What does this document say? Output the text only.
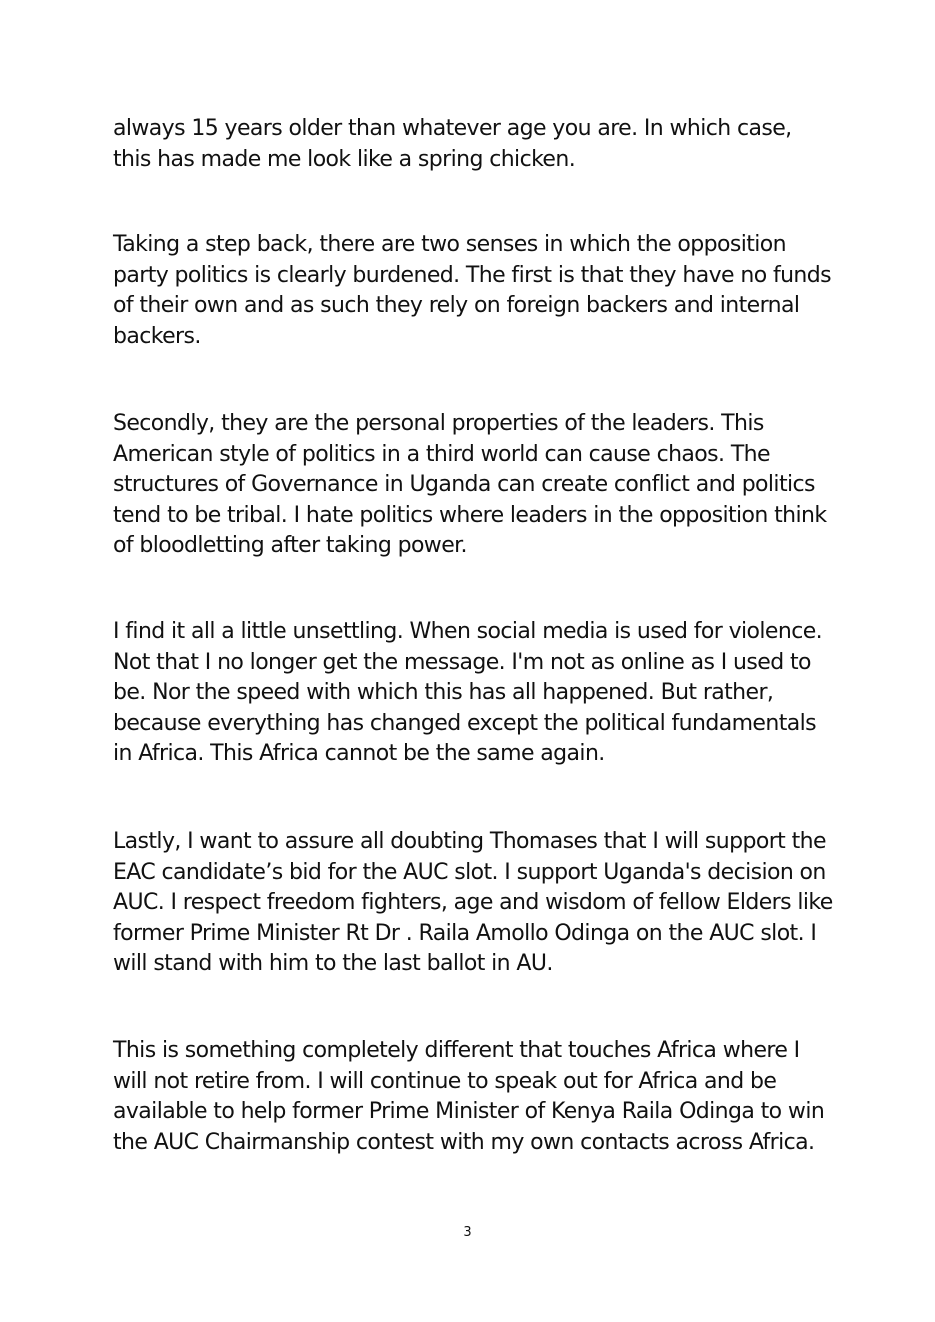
always 15 years older than whatever age you are. In which case, this has made me look like a spring chicken.

Taking a step back, there are two senses in which the opposition party politics is clearly burdened. The first is that they have no funds of their own and as such they rely on foreign backers and internal backers.

Secondly, they are the personal properties of the leaders. This American style of politics in a third world can cause chaos. The structures of Governance in Uganda can create conflict and politics tend to be tribal. I hate politics where leaders in the opposition think of bloodletting after taking power.

I find it all a little unsettling. When social media is used for violence. Not that I no longer get the message. I'm not as online as I used to be. Nor the speed with which this has all happened. But rather, because everything has changed except the political fundamentals in Africa. This Africa cannot be the same again.

Lastly, I want to assure all doubting Thomases that I will support the EAC candidate’s bid for the AUC slot. I support Uganda's decision on AUC. I respect freedom fighters, age and wisdom of fellow Elders like former Prime Minister Rt Dr . Raila Amollo Odinga on the AUC slot. I will stand with him to the last ballot in AU.

This is something completely different that touches Africa where I will not retire from. I will continue to speak out for Africa and be available to help former Prime Minister of Kenya Raila Odinga to win the AUC Chairmanship contest with my own contacts across Africa.

3
